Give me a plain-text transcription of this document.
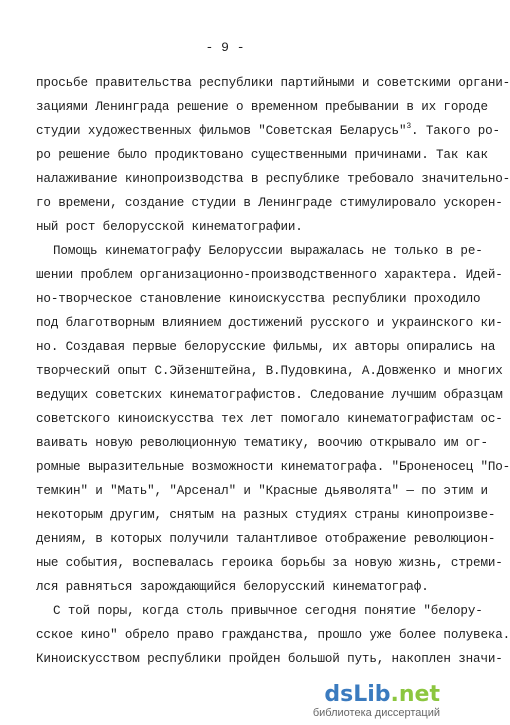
- 9 -
просьбе правительства республики партийными и советскими органи-
зациями Ленинграда решение о временном пребывании в их городе
студии художественных фильмов "Советская Беларусь"$^3$. Такого ро-
ро решение было продиктовано существенными причинами. Так как
налаживание кинопроизводства в республике требовало значительно-
го времени, создание студии в Ленинграде стимулировало ускорен-
ный рост белорусской кинематографии.
Помощь кинематографу Белоруссии выражалась не только в ре-
шении проблем организационно-производственного характера. Идей-
но-творческое становление киноискусства республики проходило
под благотворным влиянием достижений русского и украинского ки-
но. Создавая первые белорусские фильмы, их авторы опирались на
творческий опыт С.Эйзенштейна, В.Пудовкина, А.Довженко и многих
ведущих советских кинематографистов. Следование лучшим образцам
советского киноискусства тех лет помогало кинематографистам ос-
ваивать новую революционную тематику, воочию открывало им ог-
ромные выразительные возможности кинематографа. "Броненосец "По-
темкин" и "Мать", "Арсенал" и "Красные дьяволята" — по этим и
некоторым другим, снятым на разных студиях страны кинопроизве-
дениям, в которых получили талантливое отображение революцион-
ные события, воспевалась героика борьбы за новую жизнь, стреми-
лся равняться зарождающийся белорусский кинематограф.
С той поры, когда столь привычное сегодня понятие "белору-
сское кино" обрело право гражданства, прошло уже более полувека.
Киноискусством республики пройден большой путь, накоплен значи-
dsLib.net
библиотека диссертаций
